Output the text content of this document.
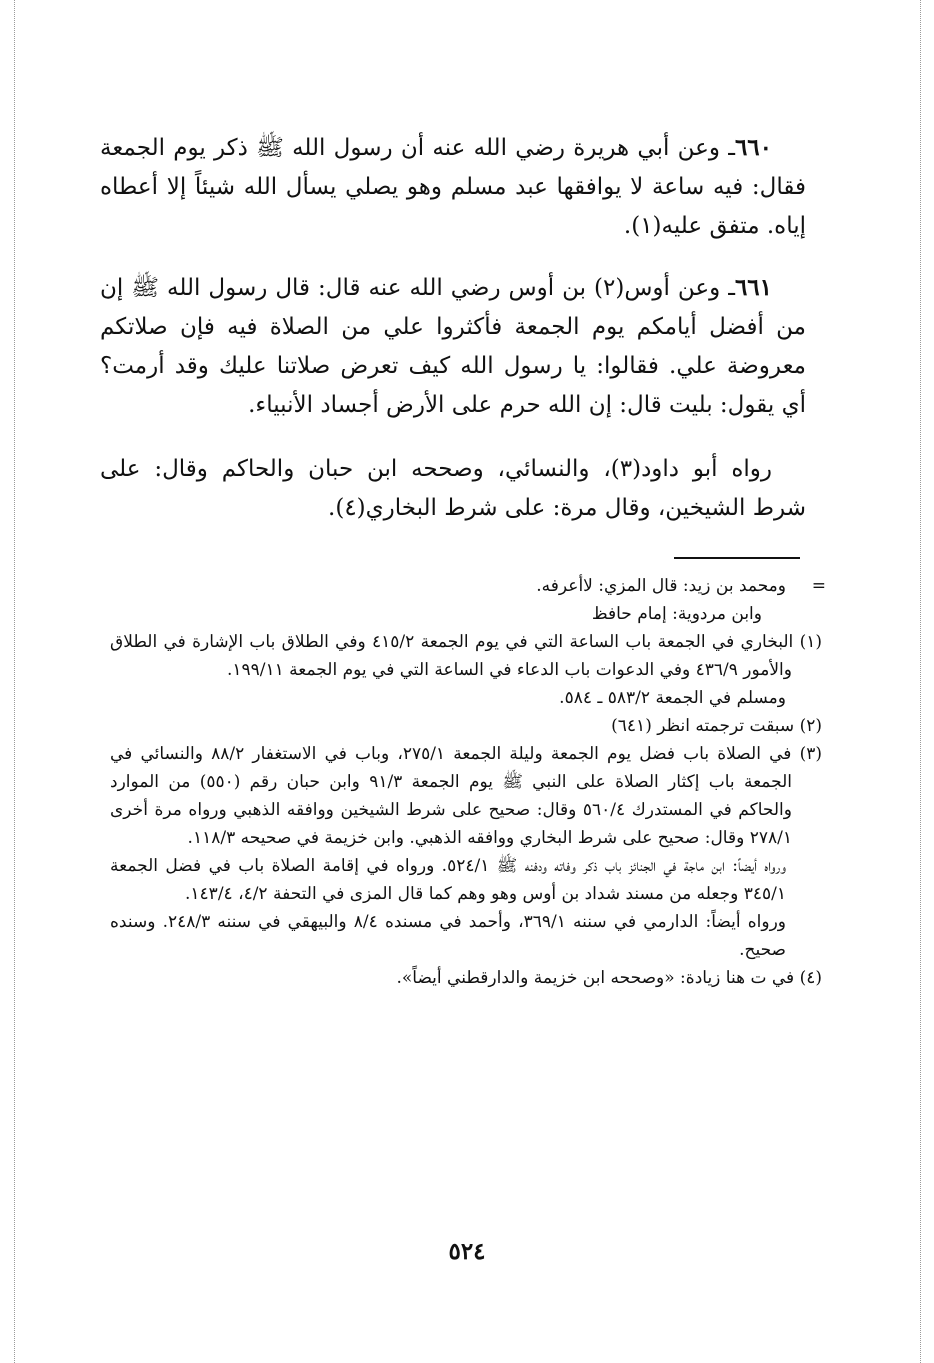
٦٦٠ـ وعن أبي هريرة رضي الله عنه أن رسول الله ﷺ ذكر يوم الجمعة فقال: فيه ساعة لا يوافقها عبد مسلم وهو يصلي يسأل الله شيئاً إلا أعطاه إياه. متفق عليه(١).

٦٦١ـ وعن أوس(٢) بن أوس رضي الله عنه قال: قال رسول الله ﷺ إن من أفضل أيامكم يوم الجمعة فأكثروا علي من الصلاة فيه فإن صلاتكم معروضة علي. فقالوا: يا رسول الله كيف تعرض صلاتنا عليك وقد أرمت؟ أي يقول: بليت قال: إن الله حرم على الأرض أجساد الأنبياء.

رواه أبو داود(٣)، والنسائي، وصححه ابن حبان والحاكم وقال: على شرط الشيخين، وقال مرة: على شرط البخاري(٤).

=

ومحمد بن زيد: قال المزي: لاأعرفه.

وابن مردوية: إمام حافظ

(١) البخاري في الجمعة باب الساعة التي في يوم الجمعة ٤١٥/٢ وفي الطلاق باب الإشارة في الطلاق والأمور ٤٣٦/٩ وفي الدعوات باب الدعاء في الساعة التي في يوم الجمعة ١٩٩/١١.

ومسلم في الجمعة ٥٨٣/٢ ـ ٥٨٤.

(٢) سبقت ترجمته انظر (٦٤١)

(٣) في الصلاة باب فضل يوم الجمعة وليلة الجمعة ٢٧٥/١، وباب في الاستغفار ٨٨/٢ والنسائي في الجمعة باب إكثار الصلاة على النبي ﷺ يوم الجمعة ٩١/٣ وابن حبان رقم (٥٥٠) من الموارد والحاكم في المستدرك ٥٦٠/٤ وقال: صحيح على شرط الشيخين ووافقه الذهبي ورواه مرة أخرى ٢٧٨/١ وقال: صحيح على شرط البخاري ووافقه الذهبي. وابن خزيمة في صحيحه ١١٨/٣.

ورواه أيضاً: ابن ماجة في الجنائز باب ذكر وفاته ودفنه ﷺ ٥٢٤/١. ورواه في إقامة الصلاة باب في فضل الجمعة ٣٤٥/١ وجعله من مسند شداد بن أوس وهو وهم كما قال المزى في التحفة ٤/٢، ١٤٣/٤.

ورواه أيضاً: الدارمي في سننه ٣٦٩/١، وأحمد في مسنده ٨/٤ والبيهقي في سننه ٢٤٨/٣. وسنده صحيح.

(٤) في ت هنا زيادة: «وصححه ابن خزيمة والدارقطني أيضاً».

٥٢٤
